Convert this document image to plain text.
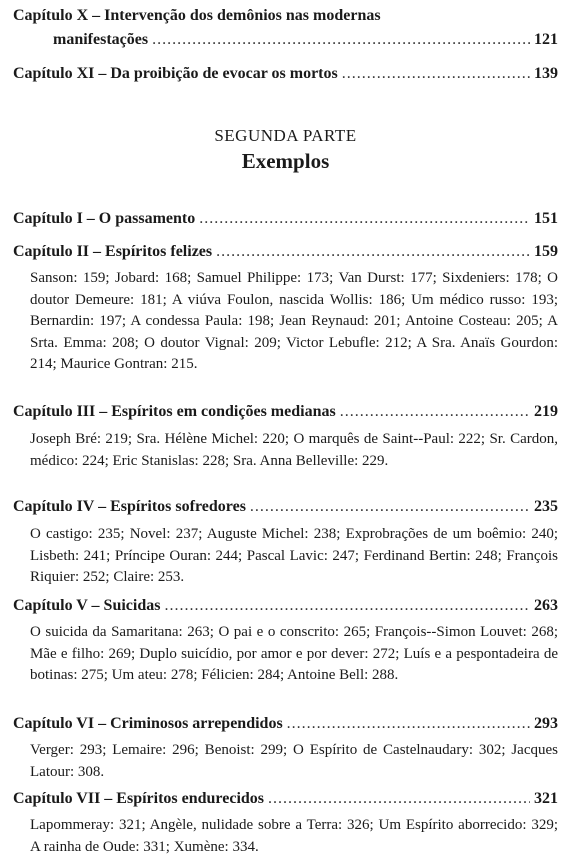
Capítulo X – Intervenção dos demônios nas modernas
manifestações .....	121
Capítulo XI – Da proibição de evocar os mortos .....	139
SEGUNDA PARTE
Exemplos
Capítulo I – O passamento .....	151
Capítulo II – Espíritos felizes .....	159
Sanson: 159; Jobard: 168; Samuel Philippe: 173; Van Durst: 177; Sixdeniers: 178; O doutor Demeure: 181; A viúva Foulon, nascida Wollis: 186; Um médico russo: 193; Bernardin: 197; A condessa Paula: 198; Jean Reynaud: 201; Antoine Costeau: 205; A Srta. Emma: 208; O doutor Vignal: 209; Victor Lebufle: 212; A Sra. Anaïs Gourdon: 214; Maurice Gontran: 215.
Capítulo III – Espíritos em condições medianas .....	219
Joseph Bré: 219; Sra. Hélène Michel: 220; O marquês de Saint--Paul: 222; Sr. Cardon, médico: 224; Eric Stanislas: 228; Sra. Anna Belleville: 229.
Capítulo IV – Espíritos sofredores .....	235
O castigo: 235; Novel: 237; Auguste Michel: 238; Exprobrações de um boêmio: 240; Lisbeth: 241; Príncipe Ouran: 244; Pascal Lavic: 247; Ferdinand Bertin: 248; François Riquier: 252; Claire: 253.
Capítulo V – Suicidas .....	263
O suicida da Samaritana: 263; O pai e o conscrito: 265; François--Simon Louvet: 268; Mãe e filho: 269; Duplo suicídio, por amor e por dever: 272; Luís e a pespontadeira de botinas: 275; Um ateu: 278; Félicien: 284; Antoine Bell: 288.
Capítulo VI – Criminosos arrependidos .....	293
Verger: 293; Lemaire: 296; Benoist: 299; O Espírito de Castelnaudary: 302; Jacques Latour: 308.
Capítulo VII – Espíritos endurecidos .....	321
Lapommeray: 321; Angèle, nulidade sobre a Terra: 326; Um Espírito aborrecido: 329; A rainha de Oude: 331; Xumène: 334.
